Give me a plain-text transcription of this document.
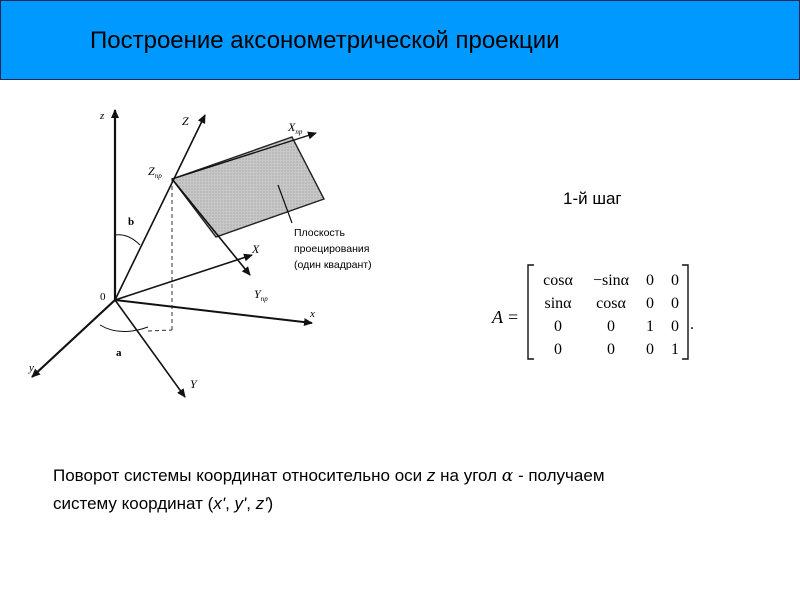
Построение аксонометрической проекции
1-й шаг
z	Z	$X_{пр}$
$Z_{пр}$
b
X
$Y_{пр}$
0
x
y
a
Y
Плоскость
проецирования
(один квадрант)
A =
cosα −sinα 0 0
sinα cosα 0 0
0	0 1 0
0	0 0 1
.
Поворот системы координат относительно оси z на угол α - получаем
систему координат (x', y', z')
